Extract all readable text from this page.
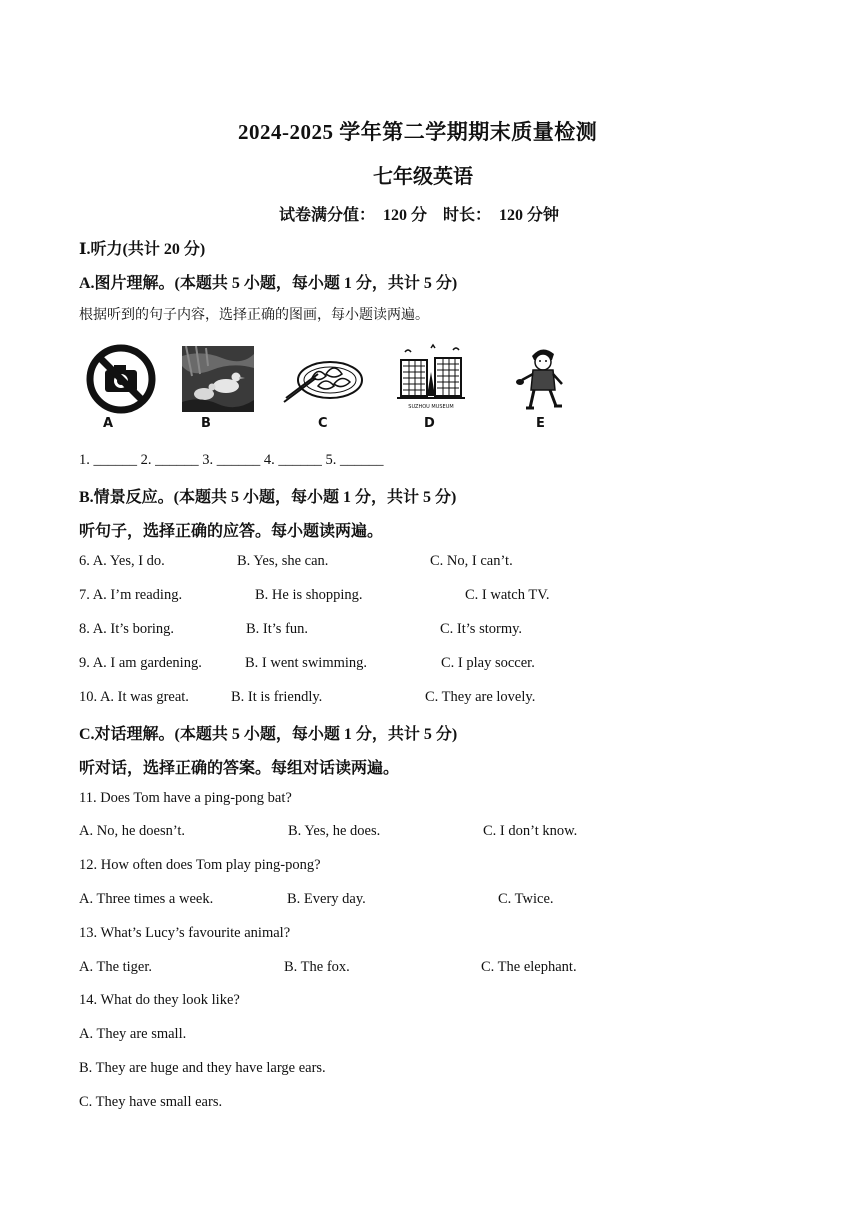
2024-2025 学年第二学期期末质量检测
七年级英语
试卷满分值：  120 分    时长：  120 分钟
Ⅰ.听力(共计 20 分)
A.图片理解。(本题共 5 小题，每小题 1 分，共计 5 分)
根据听到的句子内容，选择正确的图画，每小题读两遍。
A	B	C
SUZHOU MUSEUM
D	E
1. ______ 2. ______ 3. ______ 4. ______ 5. ______
B.情景反应。(本题共 5 小题，每小题 1 分，共计 5 分)
听句子，选择正确的应答。每小题读两遍。
6. A. Yes, I do.	B. Yes, she can.	C. No, I can’t.
7. A. I’m reading.	B. He is shopping.	C. I watch TV.
8. A. It’s boring.	B. It’s fun.	C. It’s stormy.
9. A. I am gardening.	B. I went swimming.	C. I play soccer.
10. A. It was great.	B. It is friendly.	C. They are lovely.
C.对话理解。(本题共 5 小题，每小题 1 分，共计 5 分)
听对话，选择正确的答案。每组对话读两遍。
11. Does Tom have a ping-pong bat?
A. No, he doesn’t.	B. Yes, he does.	C. I don’t know.
12. How often does Tom play ping-pong?
A. Three times a week.	B. Every day.	C. Twice.
13. What’s Lucy’s favourite animal?
A. The tiger.	B. The fox.	C. The elephant.
14. What do they look like?
A. They are small.
B. They are huge and they have large ears.
C. They have small ears.
